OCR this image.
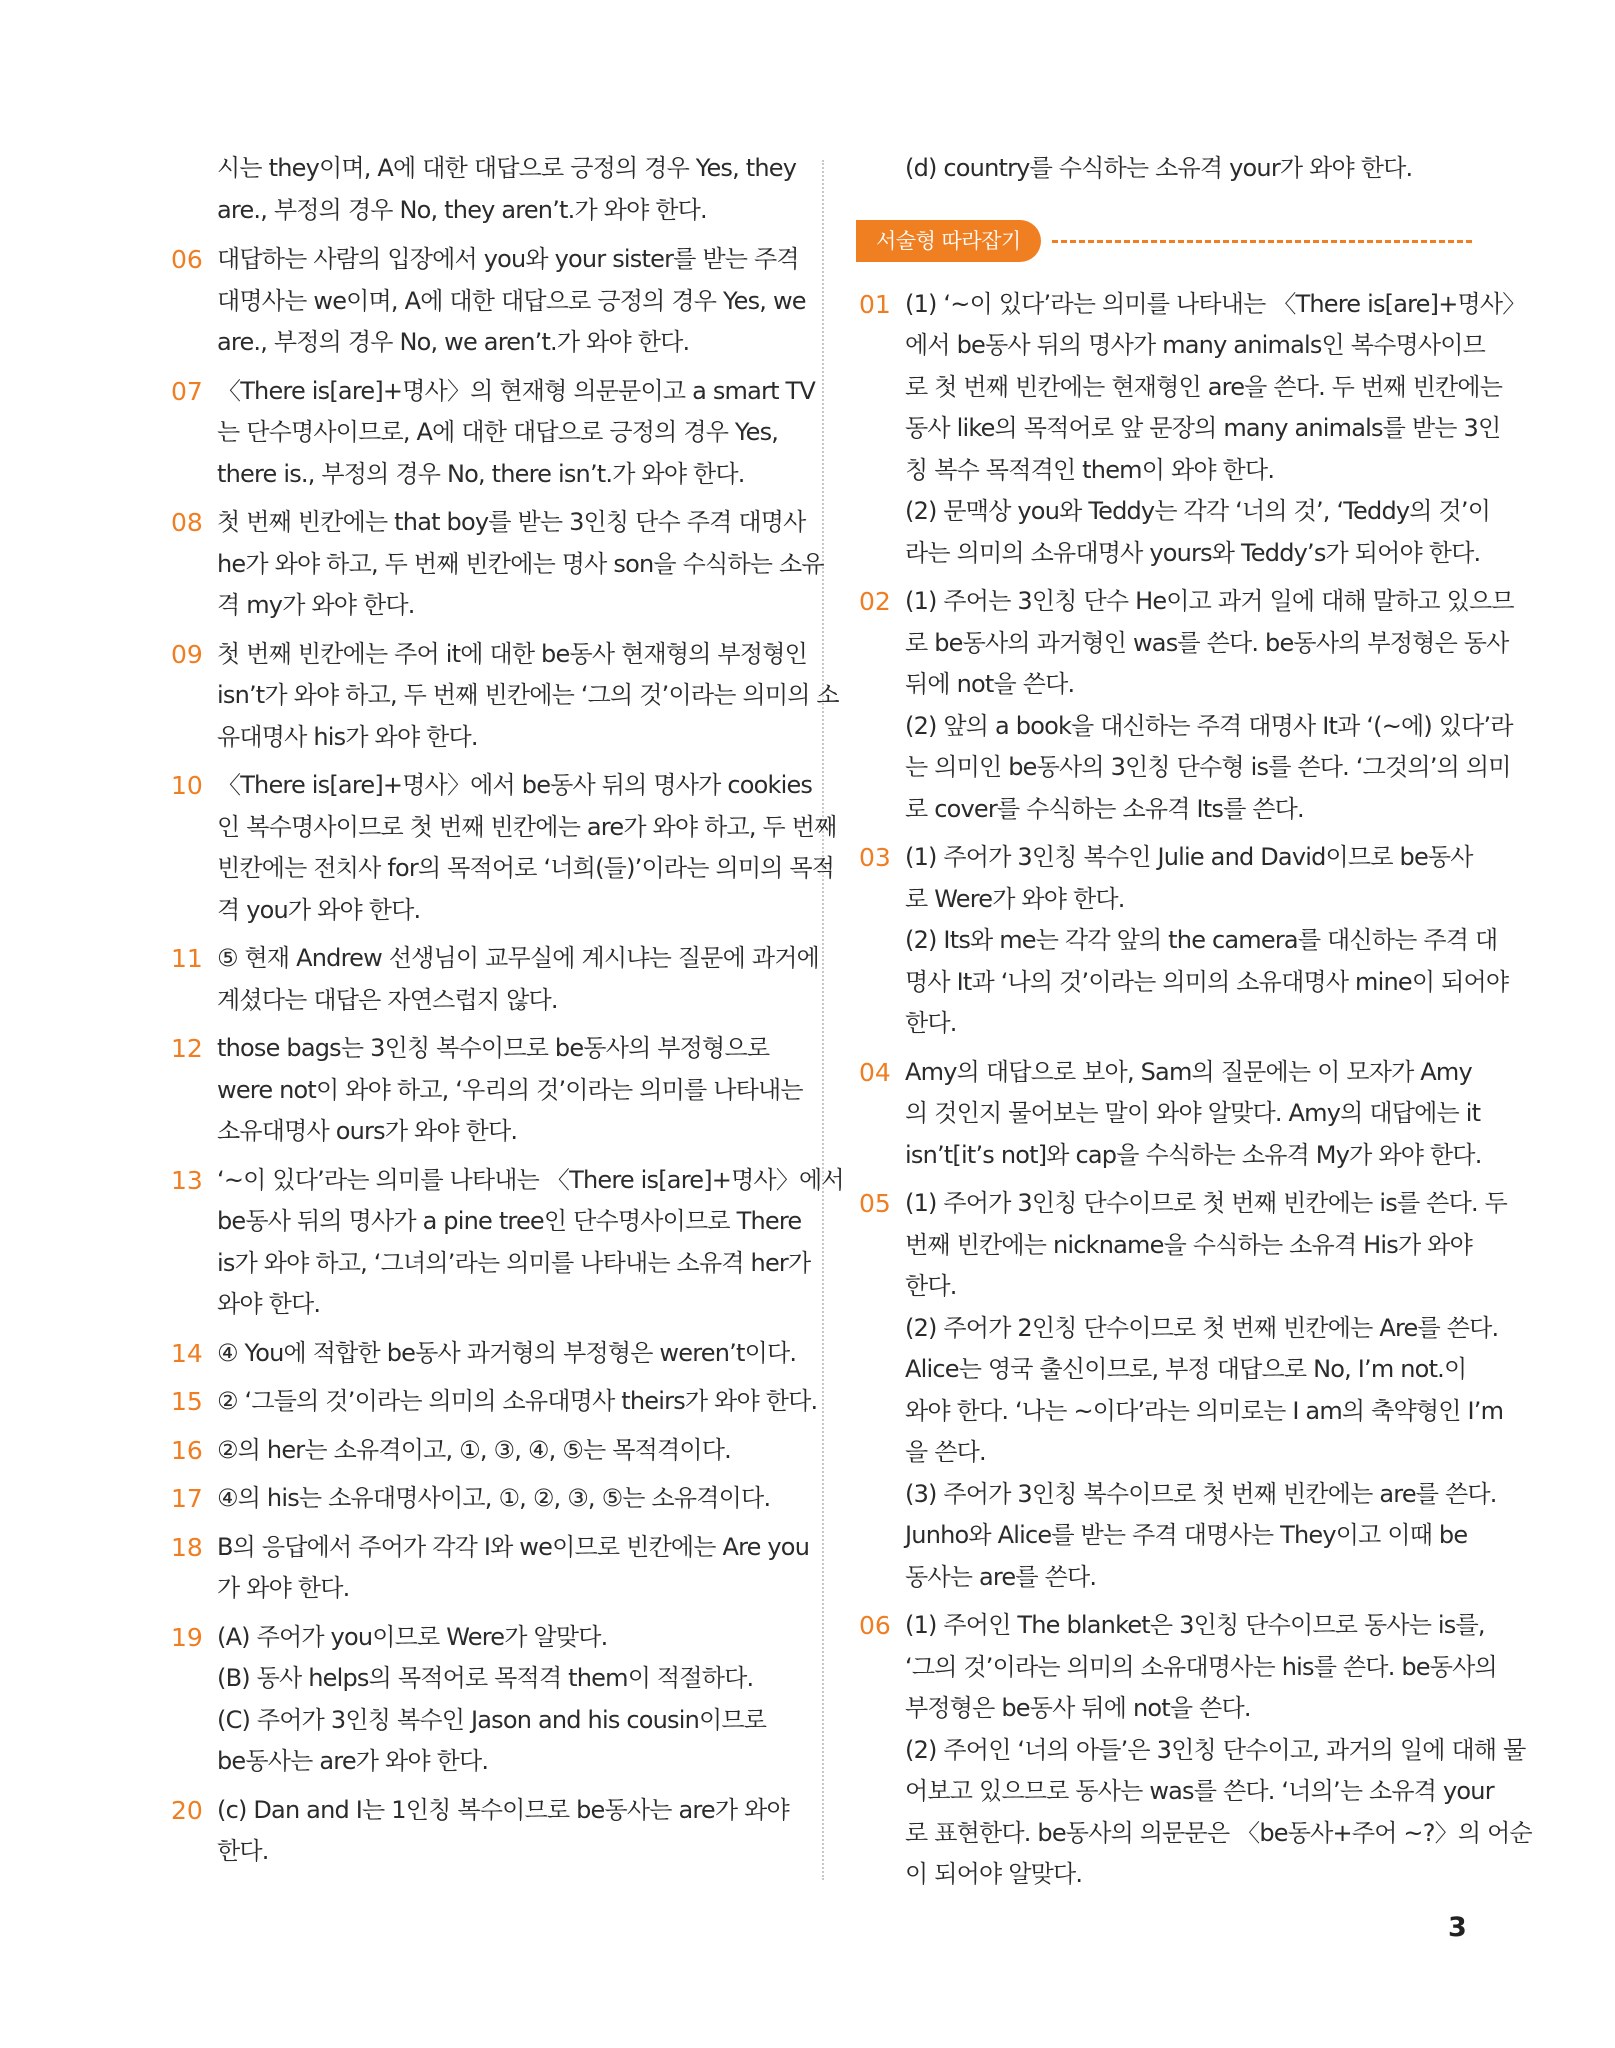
시는 they이며, A에 대한 대답으로 긍정의 경우 Yes, they
are., 부정의 경우 No, they aren’t.가 와야 한다.
06 대답하는 사람의 입장에서 you와 your sister를 받는 주격
대명사는 we이며, A에 대한 대답으로 긍정의 경우 Yes, we
are., 부정의 경우 No, we aren’t.가 와야 한다.
07 〈There is[are]+명사〉의 현재형 의문문이고 a smart TV
는 단수명사이므로, A에 대한 대답으로 긍정의 경우 Yes,
there is., 부정의 경우 No, there isn’t.가 와야 한다.
08 첫 번째 빈칸에는 that boy를 받는 3인칭 단수 주격 대명사
he가 와야 하고, 두 번째 빈칸에는 명사 son을 수식하는 소유
격 my가 와야 한다.
09 첫 번째 빈칸에는 주어 it에 대한 be동사 현재형의 부정형인
isn’t가 와야 하고, 두 번째 빈칸에는 ‘그의 것’이라는 의미의 소
유대명사 his가 와야 한다.
10 〈There is[are]+명사〉에서 be동사 뒤의 명사가 cookies
인 복수명사이므로 첫 번째 빈칸에는 are가 와야 하고, 두 번째
빈칸에는 전치사 for의 목적어로 ‘너희(들)’이라는 의미의 목적
격 you가 와야 한다.
11 ⑤ 현재 Andrew 선생님이 교무실에 계시냐는 질문에 과거에
계셨다는 대답은 자연스럽지 않다.
12 those bags는 3인칭 복수이므로 be동사의 부정형으로
were not이 와야 하고, ‘우리의 것’이라는 의미를 나타내는
소유대명사 ours가 와야 한다.
13 ‘~이 있다’라는 의미를 나타내는 〈There is[are]+명사〉에서
be동사 뒤의 명사가 a pine tree인 단수명사이므로 There
is가 와야 하고, ‘그녀의’라는 의미를 나타내는 소유격 her가
와야 한다.
14 ④ You에 적합한 be동사 과거형의 부정형은 weren’t이다.
15 ② ‘그들의 것’이라는 의미의 소유대명사 theirs가 와야 한다.
16 ②의 her는 소유격이고, ①, ③, ④, ⑤는 목적격이다.
17 ④의 his는 소유대명사이고, ①, ②, ③, ⑤는 소유격이다.
18 B의 응답에서 주어가 각각 I와 we이므로 빈칸에는 Are you
가 와야 한다.
19 (A) 주어가 you이므로 Were가 알맞다.
(B) 동사 helps의 목적어로 목적격 them이 적절하다.
(C) 주어가 3인칭 복수인 Jason and his cousin이므로
be동사는 are가 와야 한다.
20 (c) Dan and I는 1인칭 복수이므로 be동사는 are가 와야
한다.
(d) country를 수식하는 소유격 your가 와야 한다.
서술형 따라잡기
01 (1) ‘~이 있다’라는 의미를 나타내는 〈There is[are]+명사〉
에서 be동사 뒤의 명사가 many animals인 복수명사이므
로 첫 번째 빈칸에는 현재형인 are을 쓴다. 두 번째 빈칸에는
동사 like의 목적어로 앞 문장의 many animals를 받는 3인
칭 복수 목적격인 them이 와야 한다.
(2) 문맥상 you와 Teddy는 각각 ‘너의 것’, ‘Teddy의 것’이
라는 의미의 소유대명사 yours와 Teddy’s가 되어야 한다.
02 (1) 주어는 3인칭 단수 He이고 과거 일에 대해 말하고 있으므
로 be동사의 과거형인 was를 쓴다. be동사의 부정형은 동사
뒤에 not을 쓴다.
(2) 앞의 a book을 대신하는 주격 대명사 It과 ‘(~에) 있다’라
는 의미인 be동사의 3인칭 단수형 is를 쓴다. ‘그것의’의 의미
로 cover를 수식하는 소유격 Its를 쓴다.
03 (1) 주어가 3인칭 복수인 Julie and David이므로 be동사
로 Were가 와야 한다.
(2) Its와 me는 각각 앞의 the camera를 대신하는 주격 대
명사 It과 ‘나의 것’이라는 의미의 소유대명사 mine이 되어야
한다.
04 Amy의 대답으로 보아, Sam의 질문에는 이 모자가 Amy
의 것인지 물어보는 말이 와야 알맞다. Amy의 대답에는 it
isn’t[it’s not]와 cap을 수식하는 소유격 My가 와야 한다.
05 (1) 주어가 3인칭 단수이므로 첫 번째 빈칸에는 is를 쓴다. 두
번째 빈칸에는 nickname을 수식하는 소유격 His가 와야
한다.
(2) 주어가 2인칭 단수이므로 첫 번째 빈칸에는 Are를 쓴다.
Alice는 영국 출신이므로, 부정 대답으로 No, I’m not.이
와야 한다. ‘나는 ~이다’라는 의미로는 I am의 축약형인 I’m
을 쓴다.
(3) 주어가 3인칭 복수이므로 첫 번째 빈칸에는 are를 쓴다.
Junho와 Alice를 받는 주격 대명사는 They이고 이때 be
동사는 are를 쓴다.
06 (1) 주어인 The blanket은 3인칭 단수이므로 동사는 is를,
‘그의 것’이라는 의미의 소유대명사는 his를 쓴다. be동사의
부정형은 be동사 뒤에 not을 쓴다.
(2) 주어인 ‘너의 아들’은 3인칭 단수이고, 과거의 일에 대해 물
어보고 있으므로 동사는 was를 쓴다. ‘너의’는 소유격 your
로 표현한다. be동사의 의문문은 〈be동사+주어 ~?〉의 어순
이 되어야 알맞다.
3
